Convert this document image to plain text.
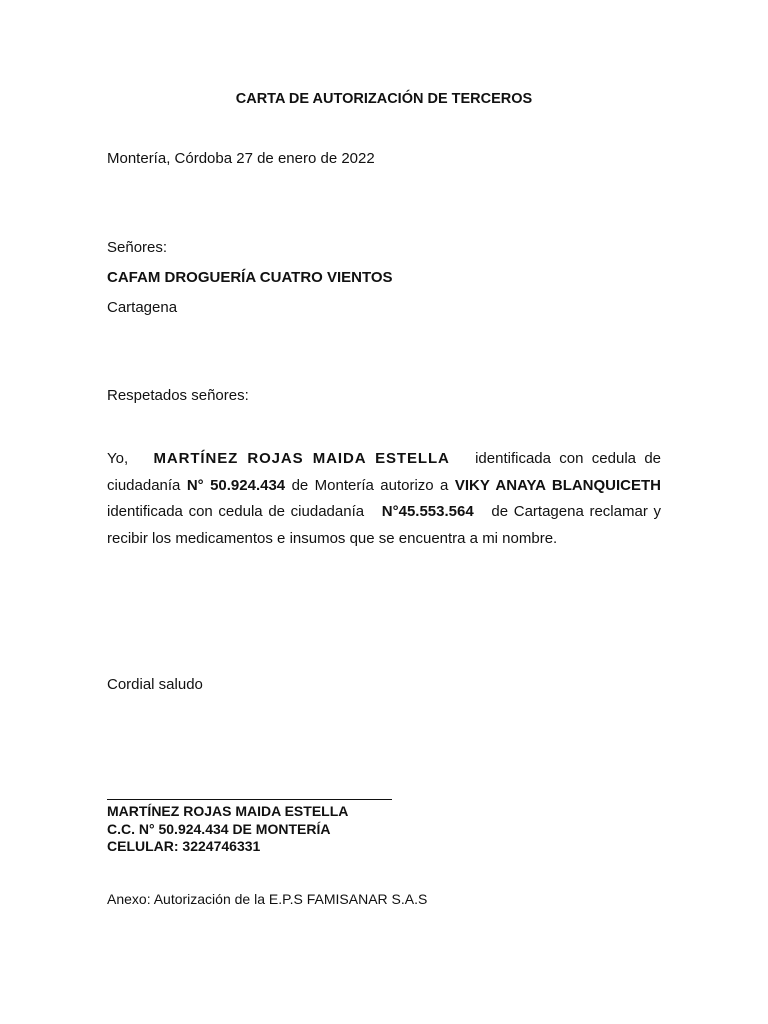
CARTA DE AUTORIZACIÓN DE TERCEROS
Montería, Córdoba 27 de enero de 2022
Señores:
CAFAM DROGUERÍA CUATRO VIENTOS
Cartagena
Respetados señores:
Yo, MARTÍNEZ ROJAS MAIDA ESTELLA identificada con cedula de
ciudadanía N° 50.924.434 de Montería autorizo a VIKY ANAYA BLANQUICETH
identificada con cedula de ciudadanía N°45.553.564 de Cartagena reclamar y
recibir los medicamentos e insumos que se encuentra a mi nombre.
Cordial saludo
MARTÍNEZ ROJAS MAIDA ESTELLA
C.C. N° 50.924.434 DE MONTERÍA
CELULAR: 3224746331
Anexo: Autorización de la E.P.S FAMISANAR S.A.S
